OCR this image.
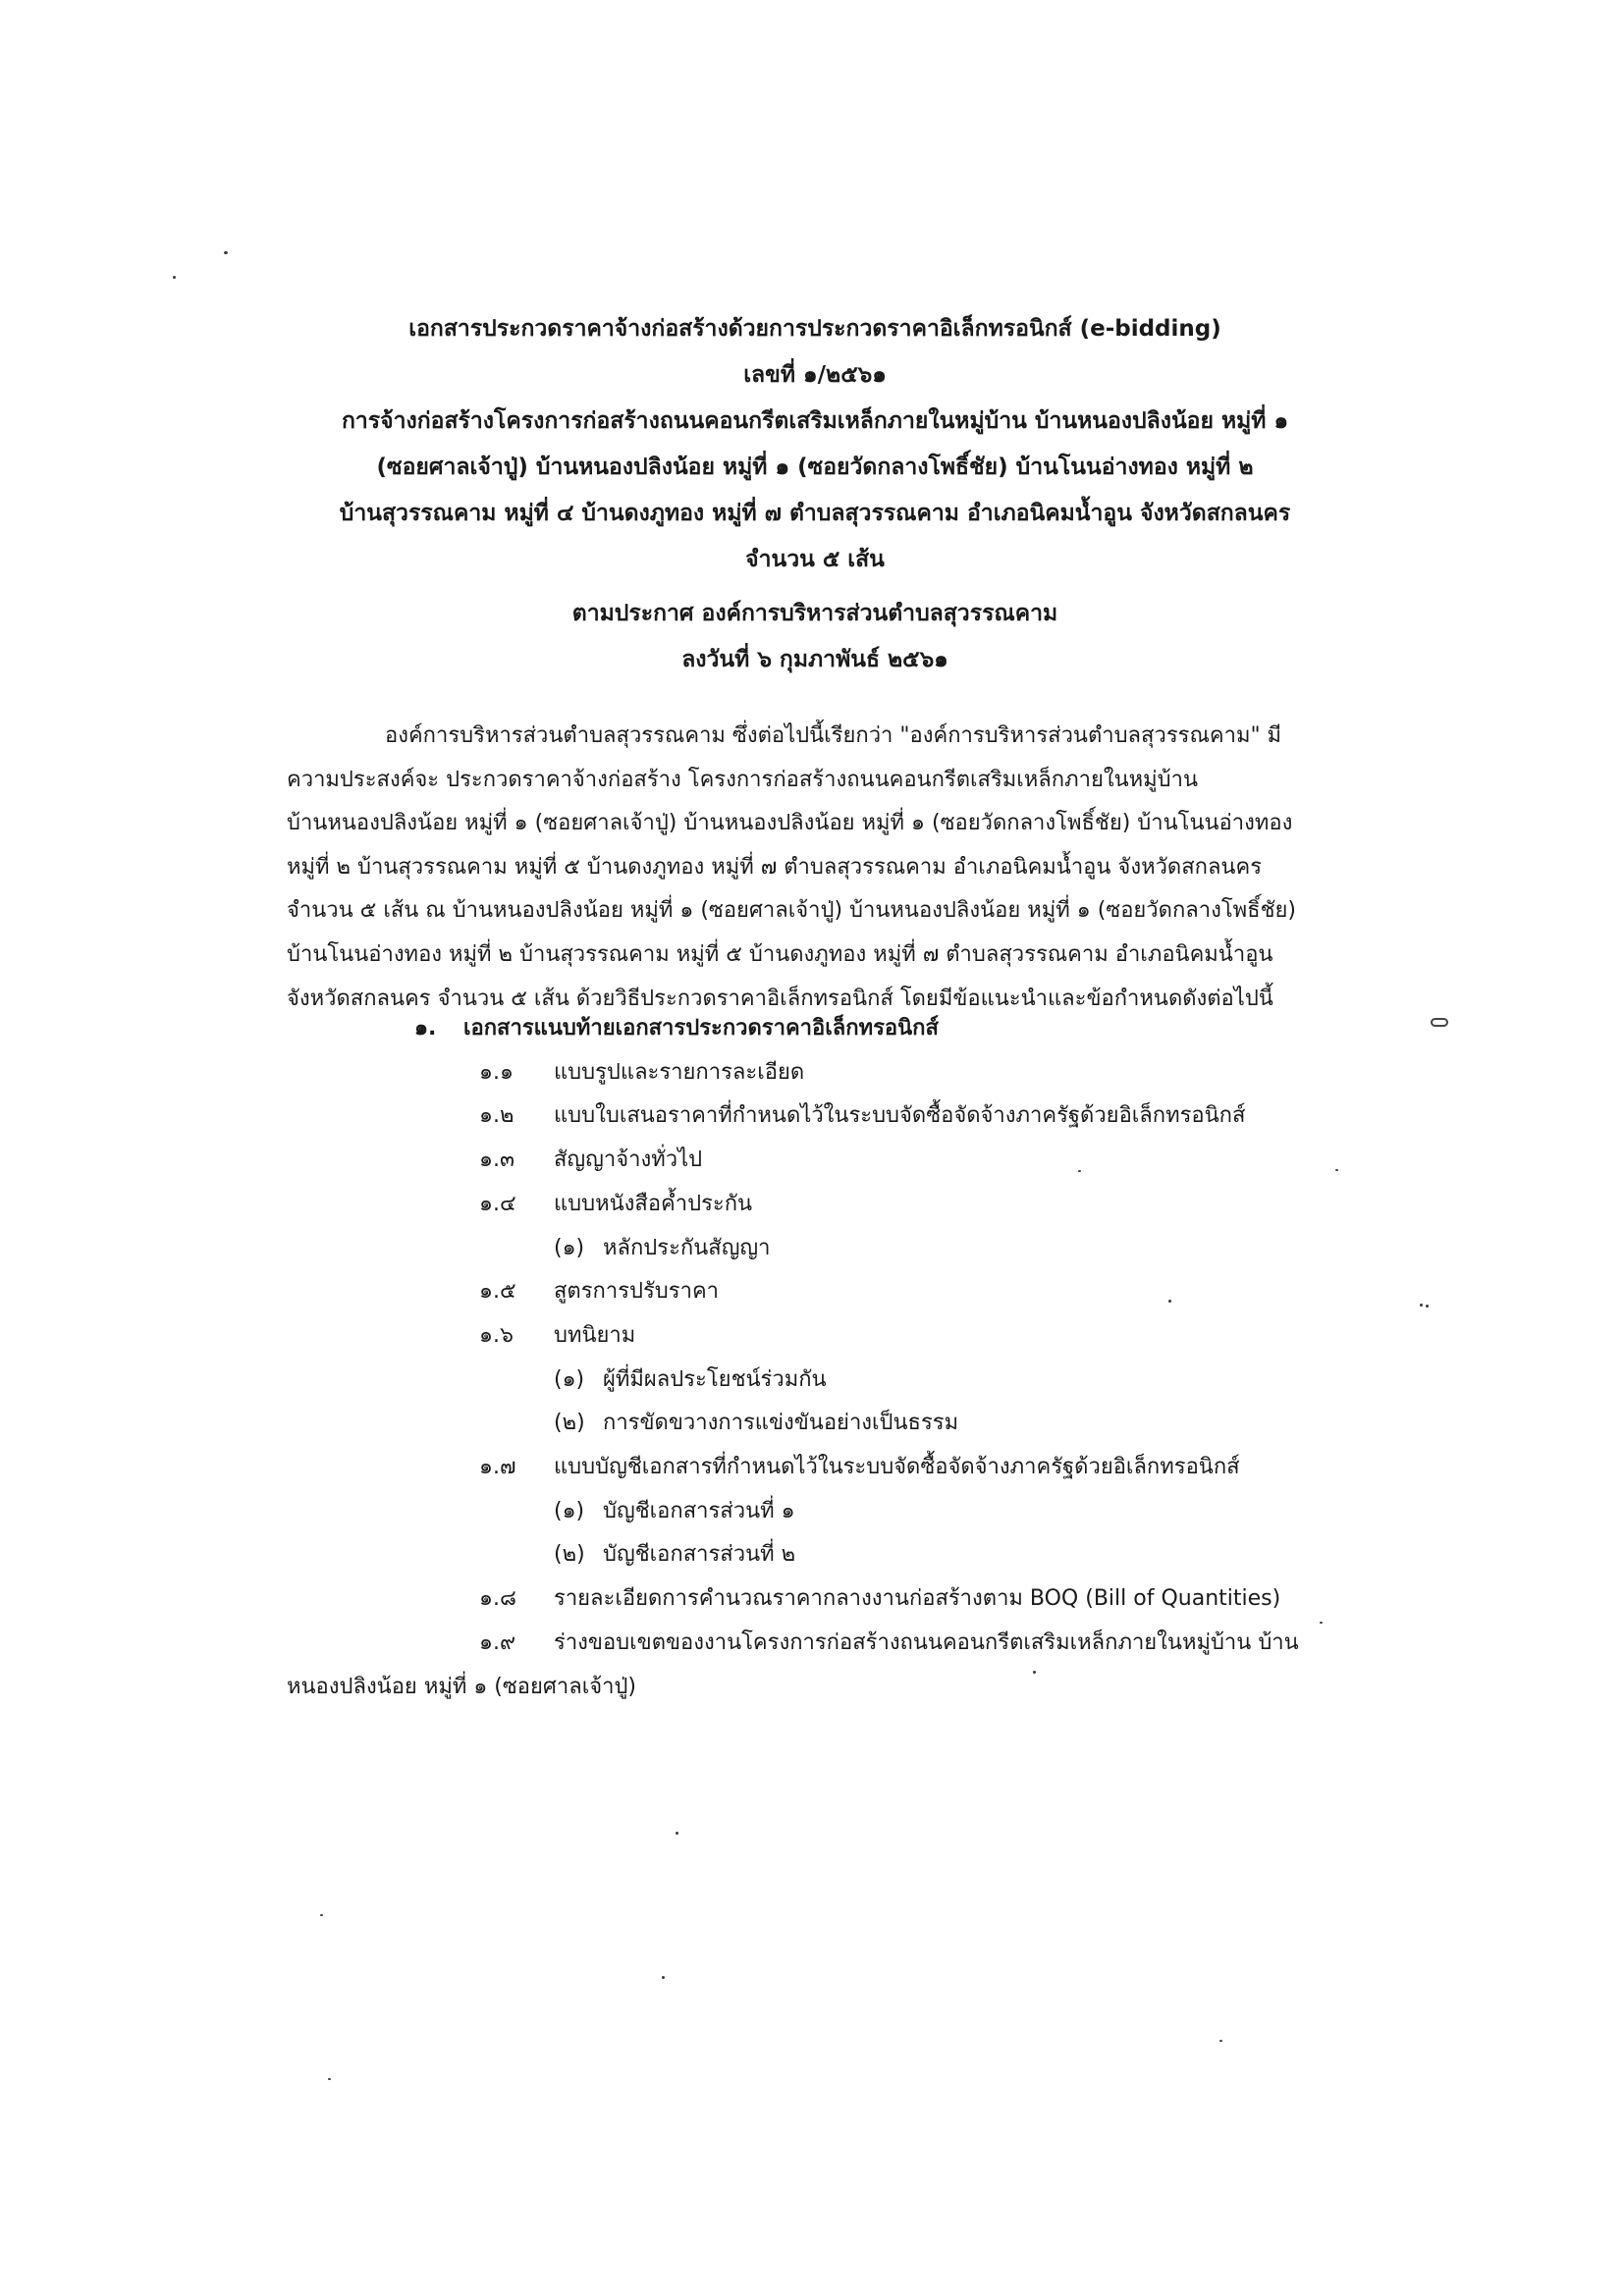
เอกสารประกวดราคาจ้างก่อสร้างด้วยการประกวดราคาอิเล็กทรอนิกส์ (e-bidding)
เลขที่ ๑/๒๕๖๑
การจ้างก่อสร้างโครงการก่อสร้างถนนคอนกรีตเสริมเหล็กภายในหมู่บ้าน บ้านหนองปลิงน้อย หมู่ที่ ๑
(ซอยศาลเจ้าปู่) บ้านหนองปลิงน้อย หมู่ที่ ๑ (ซอยวัดกลางโพธิ์ชัย) บ้านโนนอ่างทอง หมู่ที่ ๒
บ้านสุวรรณคาม หมู่ที่ ๔ บ้านดงภูทอง หมู่ที่ ๗ ตำบลสุวรรณคาม อำเภอนิคมน้ำอูน จังหวัดสกลนคร
จำนวน ๕ เส้น
ตามประกาศ องค์การบริหารส่วนตำบลสุวรรณคาม
ลงวันที่ ๖ กุมภาพันธ์ ๒๕๖๑
องค์การบริหารส่วนตำบลสุวรรณคาม ซึ่งต่อไปนี้เรียกว่า "องค์การบริหารส่วนตำบลสุวรรณคาม" มี
ความประสงค์จะ ประกวดราคาจ้างก่อสร้าง โครงการก่อสร้างถนนคอนกรีตเสริมเหล็กภายในหมู่บ้าน
บ้านหนองปลิงน้อย หมู่ที่ ๑ (ซอยศาลเจ้าปู่) บ้านหนองปลิงน้อย หมู่ที่ ๑ (ซอยวัดกลางโพธิ์ชัย) บ้านโนนอ่างทอง
หมู่ที่ ๒ บ้านสุวรรณคาม หมู่ที่ ๕ บ้านดงภูทอง หมู่ที่ ๗ ตำบลสุวรรณคาม อำเภอนิคมน้ำอูน จังหวัดสกลนคร
จำนวน ๕ เส้น ณ บ้านหนองปลิงน้อย หมู่ที่ ๑ (ซอยศาลเจ้าปู่) บ้านหนองปลิงน้อย หมู่ที่ ๑ (ซอยวัดกลางโพธิ์ชัย)
บ้านโนนอ่างทอง หมู่ที่ ๒ บ้านสุวรรณคาม หมู่ที่ ๕ บ้านดงภูทอง หมู่ที่ ๗ ตำบลสุวรรณคาม อำเภอนิคมน้ำอูน
จังหวัดสกลนคร จำนวน ๕ เส้น ด้วยวิธีประกวดราคาอิเล็กทรอนิกส์ โดยมีข้อแนะนำและข้อกำหนดดังต่อไปนี้
๑.	เอกสารแนบท้ายเอกสารประกวดราคาอิเล็กทรอนิกส์
๑.๑	แบบรูปและรายการละเอียด
๑.๒	แบบใบเสนอราคาที่กำหนดไว้ในระบบจัดซื้อจัดจ้างภาครัฐด้วยอิเล็กทรอนิกส์
๑.๓	สัญญาจ้างทั่วไป
๑.๔	แบบหนังสือค้ำประกัน
(๑) หลักประกันสัญญา
๑.๕	สูตรการปรับราคา
๑.๖	บทนิยาม
(๑) ผู้ที่มีผลประโยชน์ร่วมกัน
(๒) การขัดขวางการแข่งขันอย่างเป็นธรรม
๑.๗	แบบบัญชีเอกสารที่กำหนดไว้ในระบบจัดซื้อจัดจ้างภาครัฐด้วยอิเล็กทรอนิกส์
(๑) บัญชีเอกสารส่วนที่ ๑
(๒) บัญชีเอกสารส่วนที่ ๒
๑.๘	รายละเอียดการคำนวณราคากลางงานก่อสร้างตาม BOQ (Bill of Quantities)
๑.๙	ร่างขอบเขตของงานโครงการก่อสร้างถนนคอนกรีตเสริมเหล็กภายในหมู่บ้าน บ้าน
หนองปลิงน้อย หมู่ที่ ๑ (ซอยศาลเจ้าปู่)
